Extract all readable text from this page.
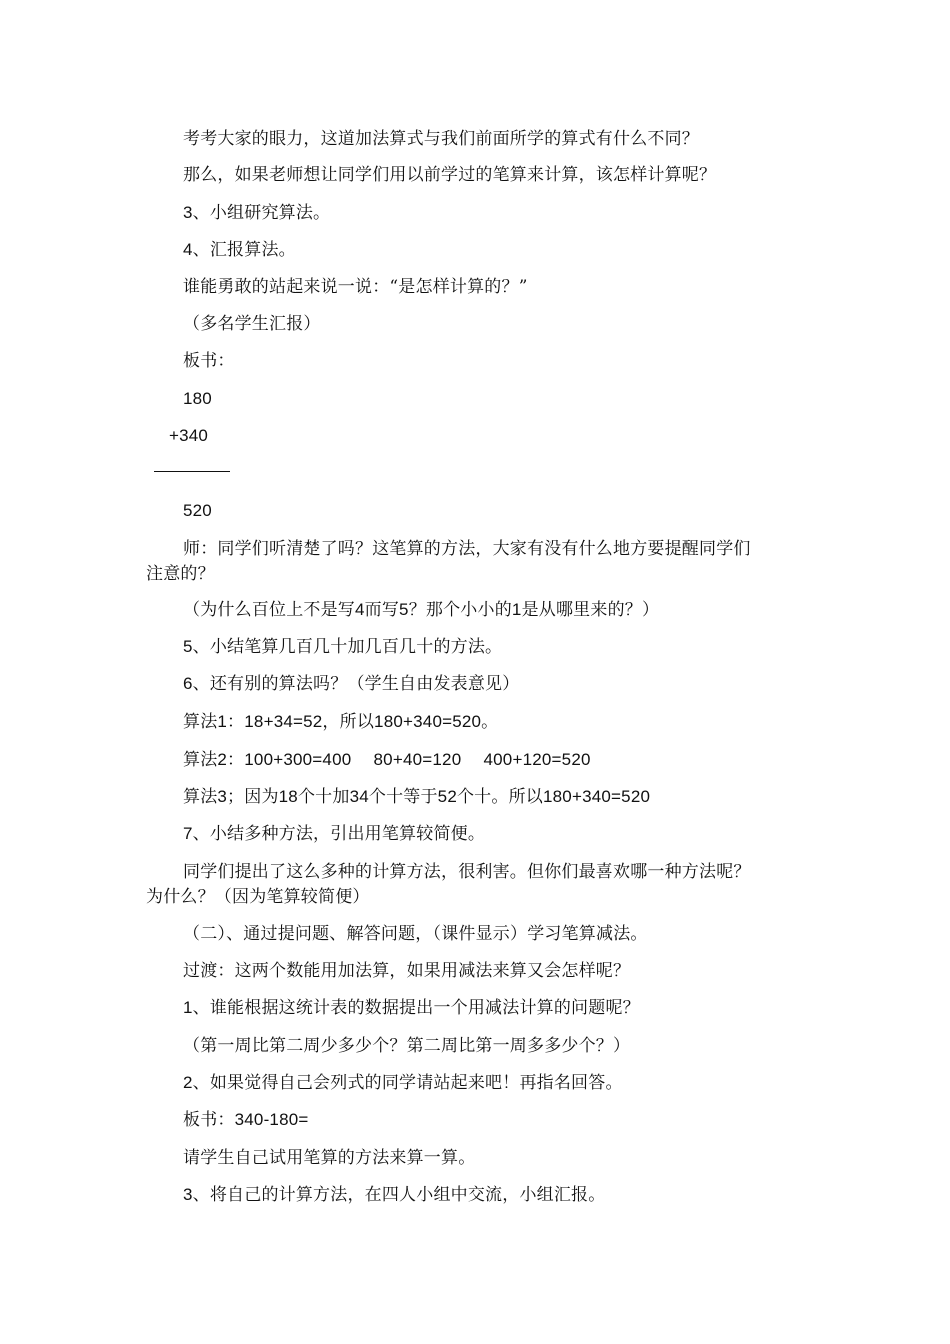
考考大家的眼力，这道加法算式与我们前面所学的算式有什么不同？
那么，如果老师想让同学们用以前学过的笔算来计算，该怎样计算呢？
3、小组研究算法。
4、汇报算法。
谁能勇敢的站起来说一说：“是怎样计算的？”
（多名学生汇报）
板书：
180
+340
520
师：同学们听清楚了吗？这笔算的方法，大家有没有什么地方要提醒同学们
注意的？
（为什么百位上不是写4而写5？那个小小的1是从哪里来的？）
5、小结笔算几百几十加几百几十的方法。
6、还有别的算法吗？（学生自由发表意见）
算法1：18+34=52，所以180+340=520。
算法2：100+300=400　 80+40=120　 400+120=520
算法3；因为18个十加34个十等于52个十。所以180+340=520
7、小结多种方法，引出用笔算较简便。
同学们提出了这么多种的计算方法，很利害。但你们最喜欢哪一种方法呢？
为什么？（因为笔算较简便）
（二）、通过提问题、解答问题，（课件显示）学习笔算减法。
过渡：这两个数能用加法算，如果用减法来算又会怎样呢？
1、谁能根据这统计表的数据提出一个用减法计算的问题呢？
（第一周比第二周少多少个？第二周比第一周多多少个？）
2、如果觉得自己会列式的同学请站起来吧！再指名回答。
板书：340-180=
请学生自己试用笔算的方法来算一算。
3、将自己的计算方法，在四人小组中交流，小组汇报。
